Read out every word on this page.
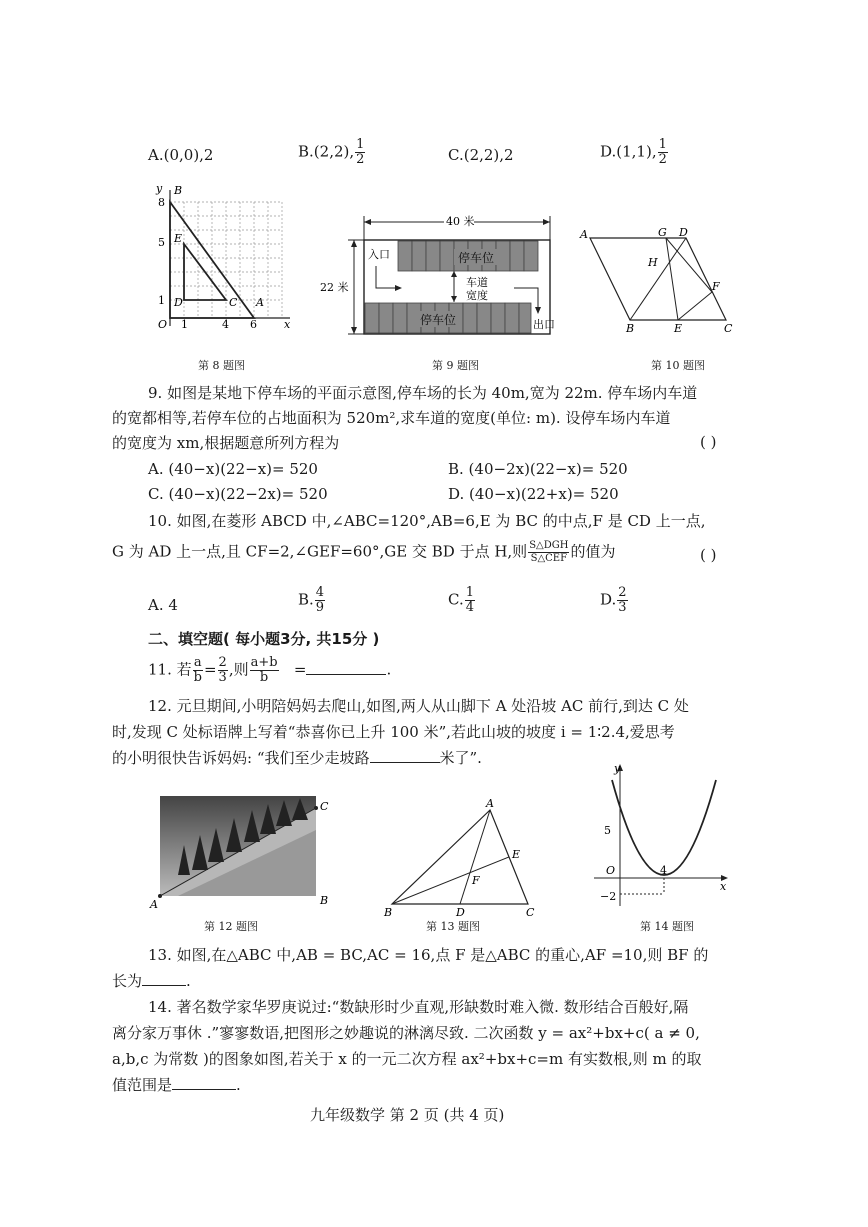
A.(0,0),2	B.(2,2), $\frac{1}{2}$	C.(2,2),2	D.(1,1), $\frac{1}{2}$
y B
8
5 E
1 D	C A
O 1	4 6 x
第 8 题图
40 米
22 米
停车位
停车位
入口
车道
宽度
出口
第 9 题图
A	G D
H
F
B	E	C
第 10 题图
9. 如图是某地下停车场的平面示意图,停车场的长为 40m,宽为 22m. 停车场内车道
的宽都相等,若停车位的占地面积为 520m²,求车道的宽度(单位: m). 设停车场内车道
的宽度为 xm,根据题意所列方程为	( )
A. (40−x)(22−x)= 520	B. (40−2x)(22−x)= 520
C. (40−x)(22−2x)= 520	D. (40−x)(22+x)= 520
10. 如图,在菱形 ABCD 中,∠ABC=120°,AB=6,E 为 BC 的中点,F 是 CD 上一点,
G 为 AD 上一点,且 CF=2,∠GEF=60°,GE 交 BD 于点 H,则 $\frac{\text{S△DGH}}{\text{S△CEF}}$ 的值为	( )
A. 4	B. $\frac{4}{9}$	C. $\frac{1}{4}$	D. $\frac{2}{3}$
二、填空题( 每小题3分, 共15分 )
11. 若 $\frac{a}{b} = \frac{2}{3}$ ,则 $\frac{a+b}{b}$ =	.
12. 元旦期间,小明陪妈妈去爬山,如图,两人从山脚下 A 处沿坡 AC 前行,到达 C 处
时,发现 C 处标语牌上写着“恭喜你已上升 100 米”,若此山坡的坡度 i = 1∶2.4,爱思考
的小明很快告诉妈妈: “我们至少走坡路	米了”.
A	B
C
第 12 题图
A
E
F
B	D	C
第 13 题图
y
5
O	4
−2
x
第 14 题图
13. 如图,在△ABC 中,AB = BC,AC = 16,点 F 是△ABC 的重心,AF =10,则 BF 的
长为	.
14. 著名数学家华罗庚说过:“数缺形时少直观,形缺数时难入微. 数形结合百般好,隔
离分家万事休 .”寥寥数语,把图形之妙趣说的淋漓尽致. 二次函数 y = ax²+bx+c( a ≠ 0,
a,b,c 为常数 )的图象如图,若关于 x 的一元二次方程 ax²+bx+c=m 有实数根,则 m 的取
值范围是	.
九年级数学 第 2 页 (共 4 页)
